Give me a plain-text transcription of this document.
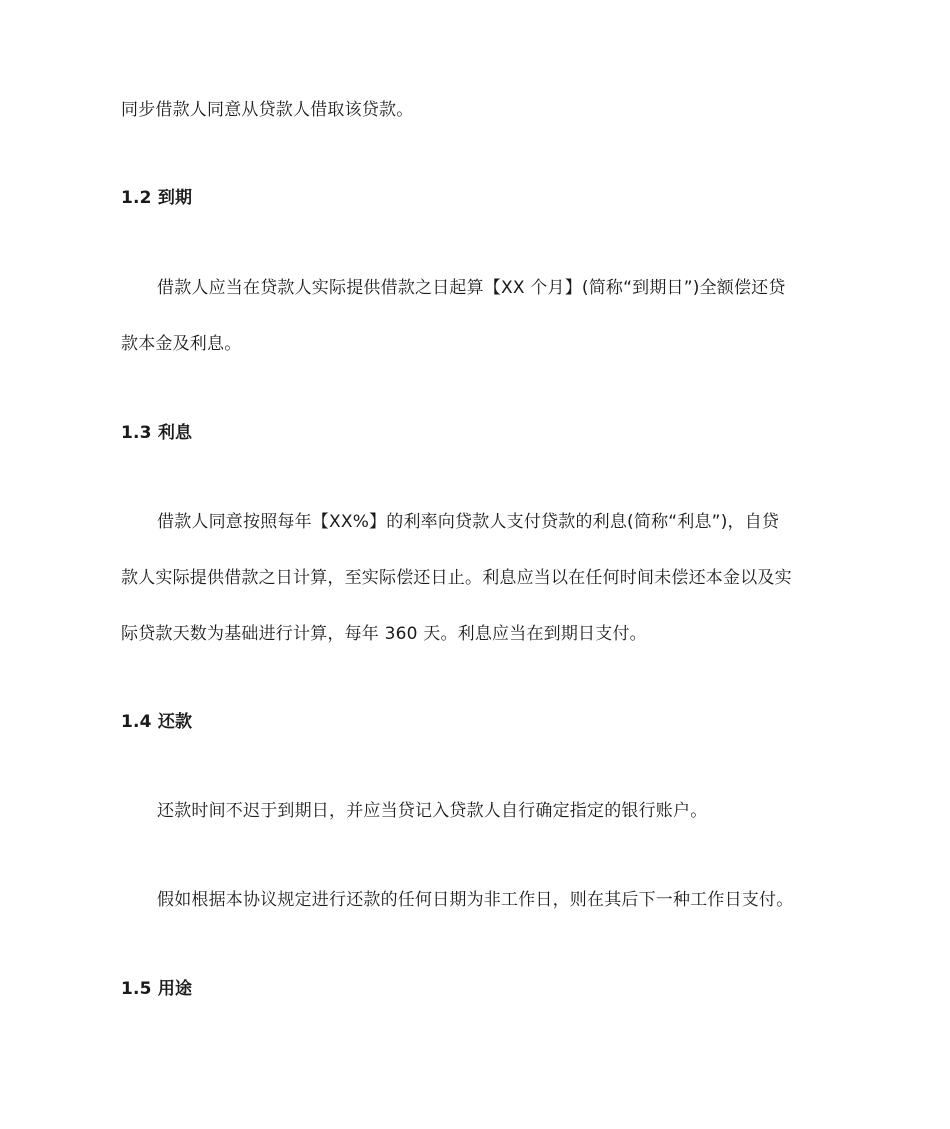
同步借款人同意从贷款人借取该贷款。
1.2 到期
借款人应当在贷款人实际提供借款之日起算【XX 个月】(简称“到期日”)全额偿还贷
款本金及利息。
1.3 利息
借款人同意按照每年【XX%】的利率向贷款人支付贷款的利息(简称“利息”)，自贷
款人实际提供借款之日计算，至实际偿还日止。利息应当以在任何时间未偿还本金以及实
际贷款天数为基础进行计算，每年 360 天。利息应当在到期日支付。
1.4 还款
还款时间不迟于到期日，并应当贷记入贷款人自行确定指定的银行账户。
假如根据本协议规定进行还款的任何日期为非工作日，则在其后下一种工作日支付。
1.5 用途
